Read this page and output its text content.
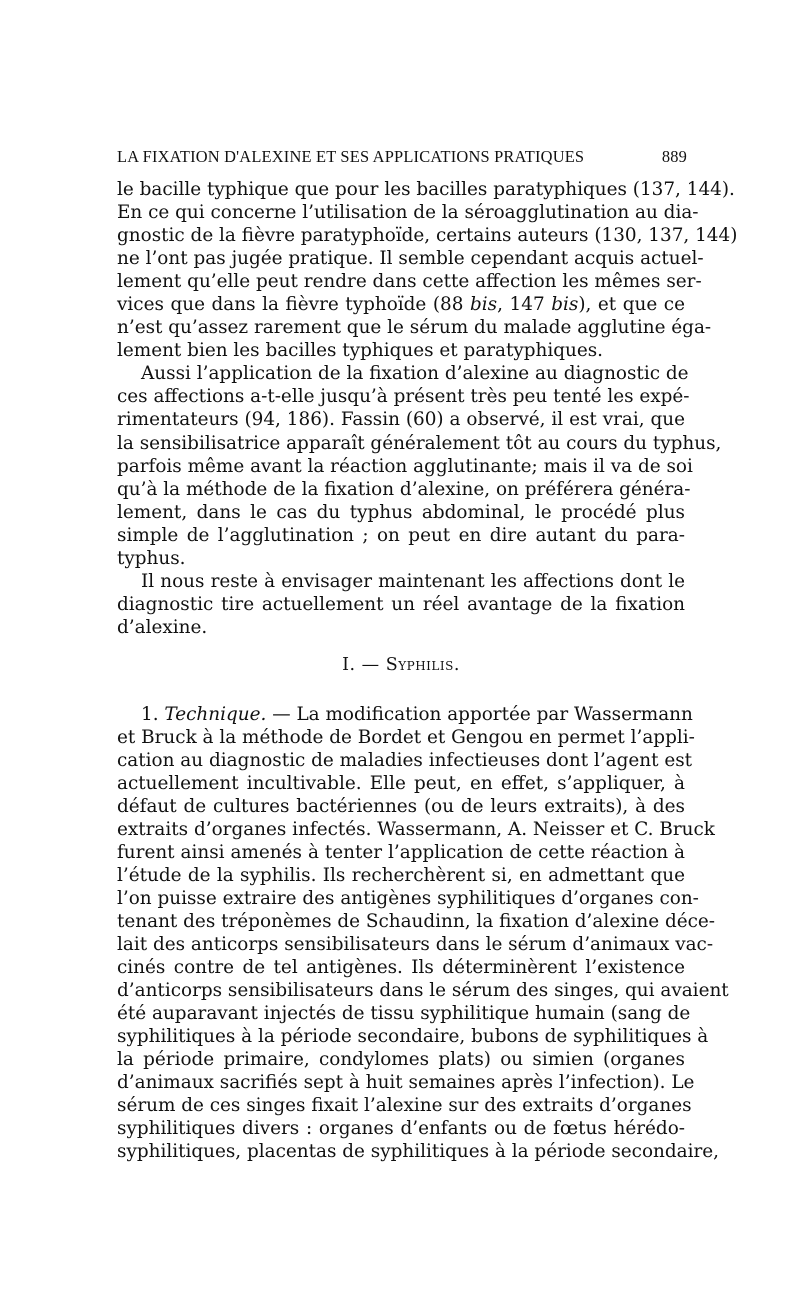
LA FIXATION D'ALEXINE ET SES APPLICATIONS PRATIQUES	889
le bacille typhique que pour les bacilles paratyphiques (137, 144).
En ce qui concerne l’utilisation de la séroagglutination au dia-
gnostic de la fièvre paratyphoïde, certains auteurs (130, 137, 144)
ne l’ont pas jugée pratique. Il semble cependant acquis actuel-
lement qu’elle peut rendre dans cette affection les mêmes ser-
vices que dans la fièvre typhoïde (88 bis, 147 bis), et que ce
n’est qu’assez rarement que le sérum du malade agglutine éga-
lement bien les bacilles typhiques et paratyphiques.
Aussi l’application de la fixation d’alexine au diagnostic de
ces affections a-t-elle jusqu’à présent très peu tenté les expé-
rimentateurs (94, 186). Fassin (60) a observé, il est vrai, que
la sensibilisatrice apparaît généralement tôt au cours du typhus,
parfois même avant la réaction agglutinante; mais il va de soi
qu’à la méthode de la fixation d’alexine, on préférera généra-
lement, dans le cas du typhus abdominal, le procédé plus
simple de l’agglutination ; on peut en dire autant du para-
typhus.
Il nous reste à envisager maintenant les affections dont le
diagnostic tire actuellement un réel avantage de la fixation
d’alexine.
I. — Syphilis.
1. Technique. — La modification apportée par Wassermann
et Bruck à la méthode de Bordet et Gengou en permet l’appli-
cation au diagnostic de maladies infectieuses dont l’agent est
actuellement incultivable. Elle peut, en effet, s’appliquer, à
défaut de cultures bactériennes (ou de leurs extraits), à des
extraits d’organes infectés. Wassermann, A. Neisser et C. Bruck
furent ainsi amenés à tenter l’application de cette réaction à
l’étude de la syphilis. Ils recherchèrent si, en admettant que
l’on puisse extraire des antigènes syphilitiques d’organes con-
tenant des tréponèmes de Schaudinn, la fixation d’alexine déce-
lait des anticorps sensibilisateurs dans le sérum d’animaux vac-
cinés contre de tel antigènes. Ils déterminèrent l’existence
d’anticorps sensibilisateurs dans le sérum des singes, qui avaient
été auparavant injectés de tissu syphilitique humain (sang de
syphilitiques à la période secondaire, bubons de syphilitiques à
la période primaire, condylomes plats) ou simien (organes
d’animaux sacrifiés sept à huit semaines après l’infection). Le
sérum de ces singes fixait l’alexine sur des extraits d’organes
syphilitiques divers : organes d’enfants ou de fœtus hérédo-
syphilitiques, placentas de syphilitiques à la période secondaire,
